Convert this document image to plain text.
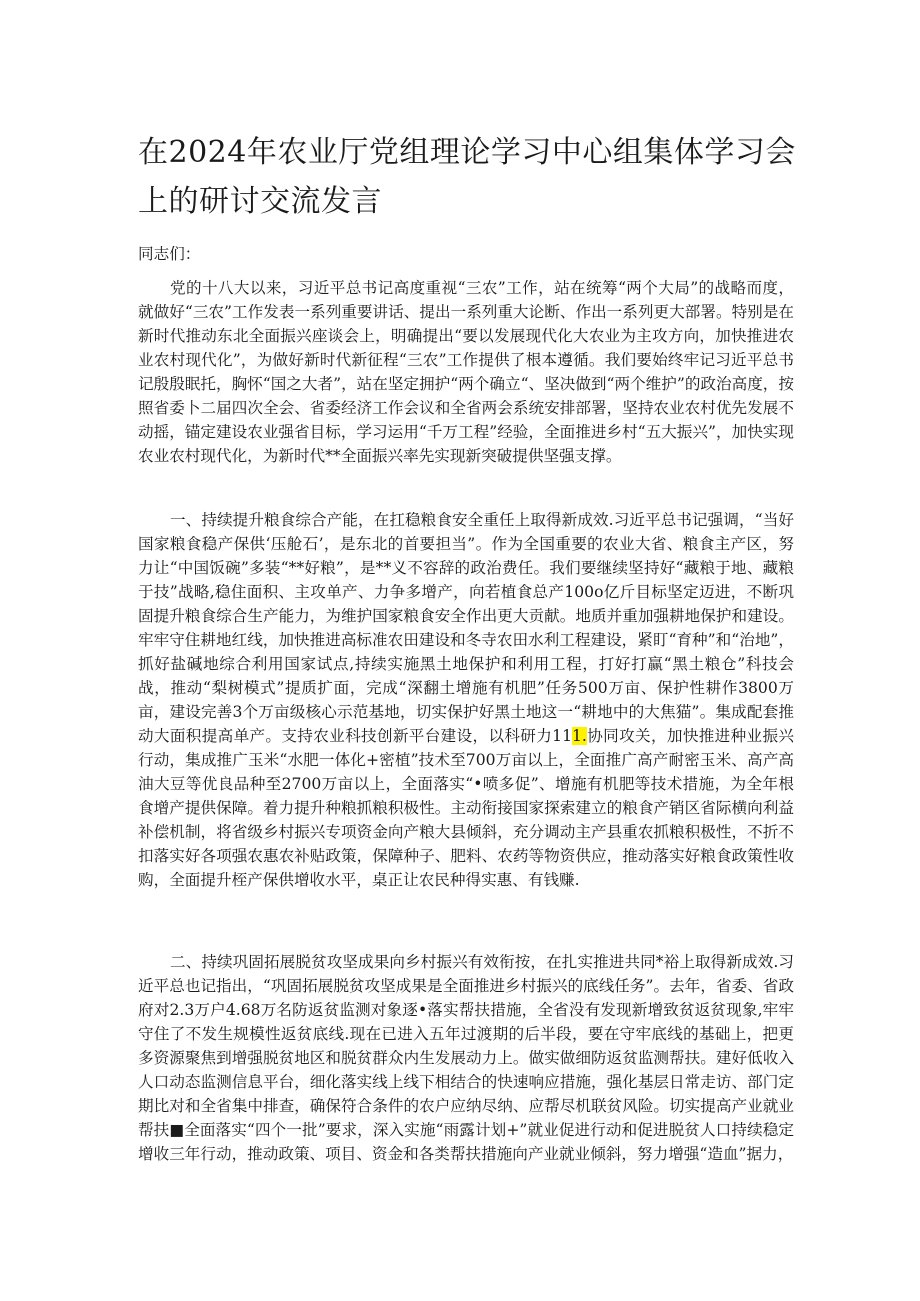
在2024年农业厅党组理论学习中心组集体学习会上的研讨交流发言

同志们：

党的十八大以来，习近平总书记高度重视“三农”工作，站在统筹“两个大局”的战略而度，就做好“三农”工作发表一系列重要讲话、提出一系列重大论断、作出一系列更大部署。特别是在新时代推动东北全面振兴座谈会上，明确提出“要以发展现代化大农业为主攻方向，加快推进农业农村现代化”，为做好新时代新征程“三农”工作提供了根本遵循。我们要始终牢记习近平总书记殷殷眠托，胸怀“国之大者”，站在坚定拥护“两个确立“、坚决做到“两个维护”的政治高度，按照省委卜二届四次全会、省委经济工作会议和全省两会系统安排部署，坚持农业农村优先发展不动摇，锚定建设农业强省目标，学习运用“千万工程”经验，全面推进乡村“五大振兴”，加快实现农业农村现代化，为新时代**全面振兴率先实现新突破提供坚强支撑。

一、持续提升粮食综合产能，在扛稳粮食安全重任上取得新成效.习近平总书记强调，“当好国家粮食稳产保供‘压舱石’，是东北的首要担当”。作为全国重要的农业大省、粮食主产区，努力让“中国饭碗”多装“**好粮”，是**义不容辞的政治费任。我们要继续坚持好“藏粮于地、藏粮于技”战略,稳住面积、主攻单产、力争多增产，向若植食总产100o亿斤目标坚定迈进，不断巩固提升粮食综合生产能力，为维护国家粮食安全作出更大贡献。地质并重加强耕地保护和建设。牢牢守住耕地红线，加快推进高标准农田建设和冬寺农田水利工程建设，紧盯“育种”和“治地”，抓好盐碱地综合利用国家试点,持续实施黑土地保护和利用工程，打好打赢“黑土粮仓”科技会战，推动“梨树模式”提质扩面，完成“深翻土增施有机肥”任务500万亩、保护性耕作3800万亩，建设完善3个万亩级核心示范基地，切实保护好黑土地这一“耕地中的大焦猫”。集成配套推动大面积提高单产。支持农业科技创新平台建设，以科研力111.协同攻关，加快推进种业振兴行动，集成推广玉米“水肥一体化+密植”技术至700万亩以上，全面推广高产耐密玉米、高产高油大豆等优良品种至2700万亩以上，全面落实“•喷多促”、增施有机肥等技术措施，为全年根食增产提供保障。着力提升种粮抓粮积极性。主动衔接国家探索建立的粮食产销区省际横向利益补偿机制，将省级乡村振兴专项资金向产粮大县倾斜，充分调动主产县重农抓粮积极性，不折不扣落实好各项强农惠农补贴政策，保障种子、肥料、农药等物资供应，推动落实好粮食政策性收购，全面提升桎产保供增收水平，桌正让农民种得实惠、有钱赚.

二、持续巩固拓展脱贫攻坚成果向乡村振兴有效衔按，在扎实推进共同*裕上取得新成效.习近平总也记指出，“巩固拓展脱贫攻坚成果是全面推进乡村振兴的底线任务”。去年，省委、省政府对2.3万户4.68万名防返贫监测对象逐•落实帮扶措施，全省没有发现新增致贫返贫现象,牢牢守住了不发生规模性返贫底线.现在已进入五年过渡期的后半段，要在守牢底线的基础上，把更多资源聚焦到增强脱贫地区和脱贫群众内生发展动力上。做实做细防返贫监测帮扶。建好低收入人口动态监测信息平台，细化落实线上线下相结合的快速响应措施，强化基层日常走访、部门定期比对和全省集中排查，确保符合条件的农户应纳尽纳、应帮尽机联贫风险。切实提高产业就业帮扶■全面落实“四个一批”要求，深入实施“雨露计划+”就业促进行动和促进脱贫人口持续稳定增收三年行动，推动政策、项目、资金和各类帮扶措施向产业就业倾斜，努力增强“造血”据力，
